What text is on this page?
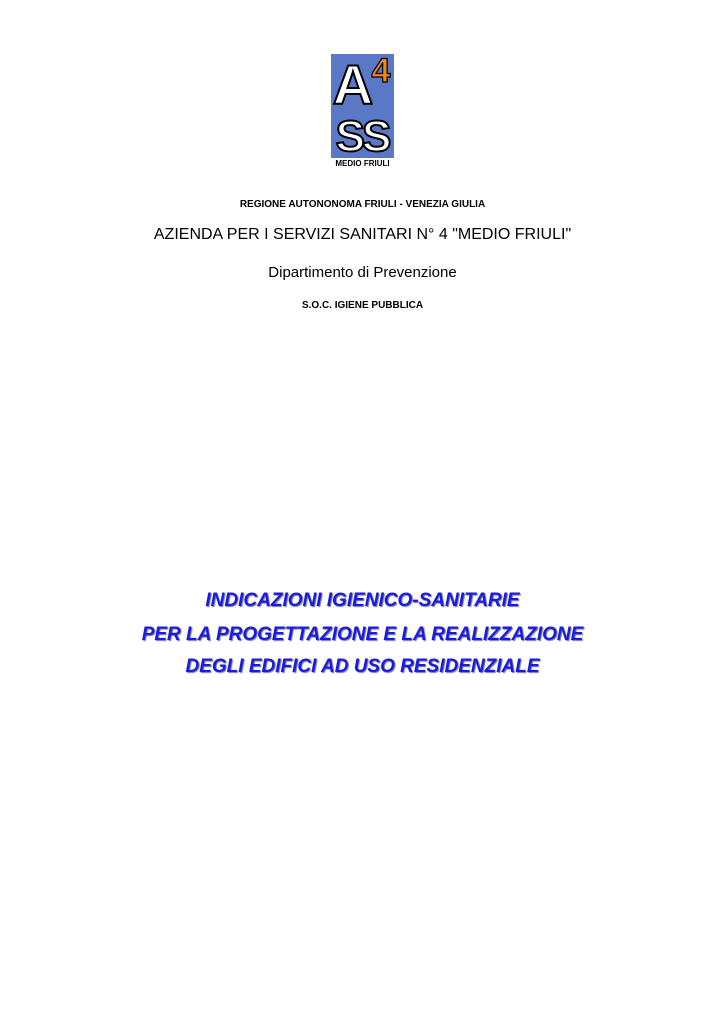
A
4
SS
MEDIO FRIULI
REGIONE AUTONONOMA FRIULI - VENEZIA GIULIA
AZIENDA PER I SERVIZI SANITARI N° 4 "MEDIO FRIULI"
Dipartimento di Prevenzione
S.O.C. IGIENE PUBBLICA
INDICAZIONI IGIENICO-SANITARIE
PER LA PROGETTAZIONE E LA REALIZZAZIONE
DEGLI EDIFICI AD USO RESIDENZIALE
